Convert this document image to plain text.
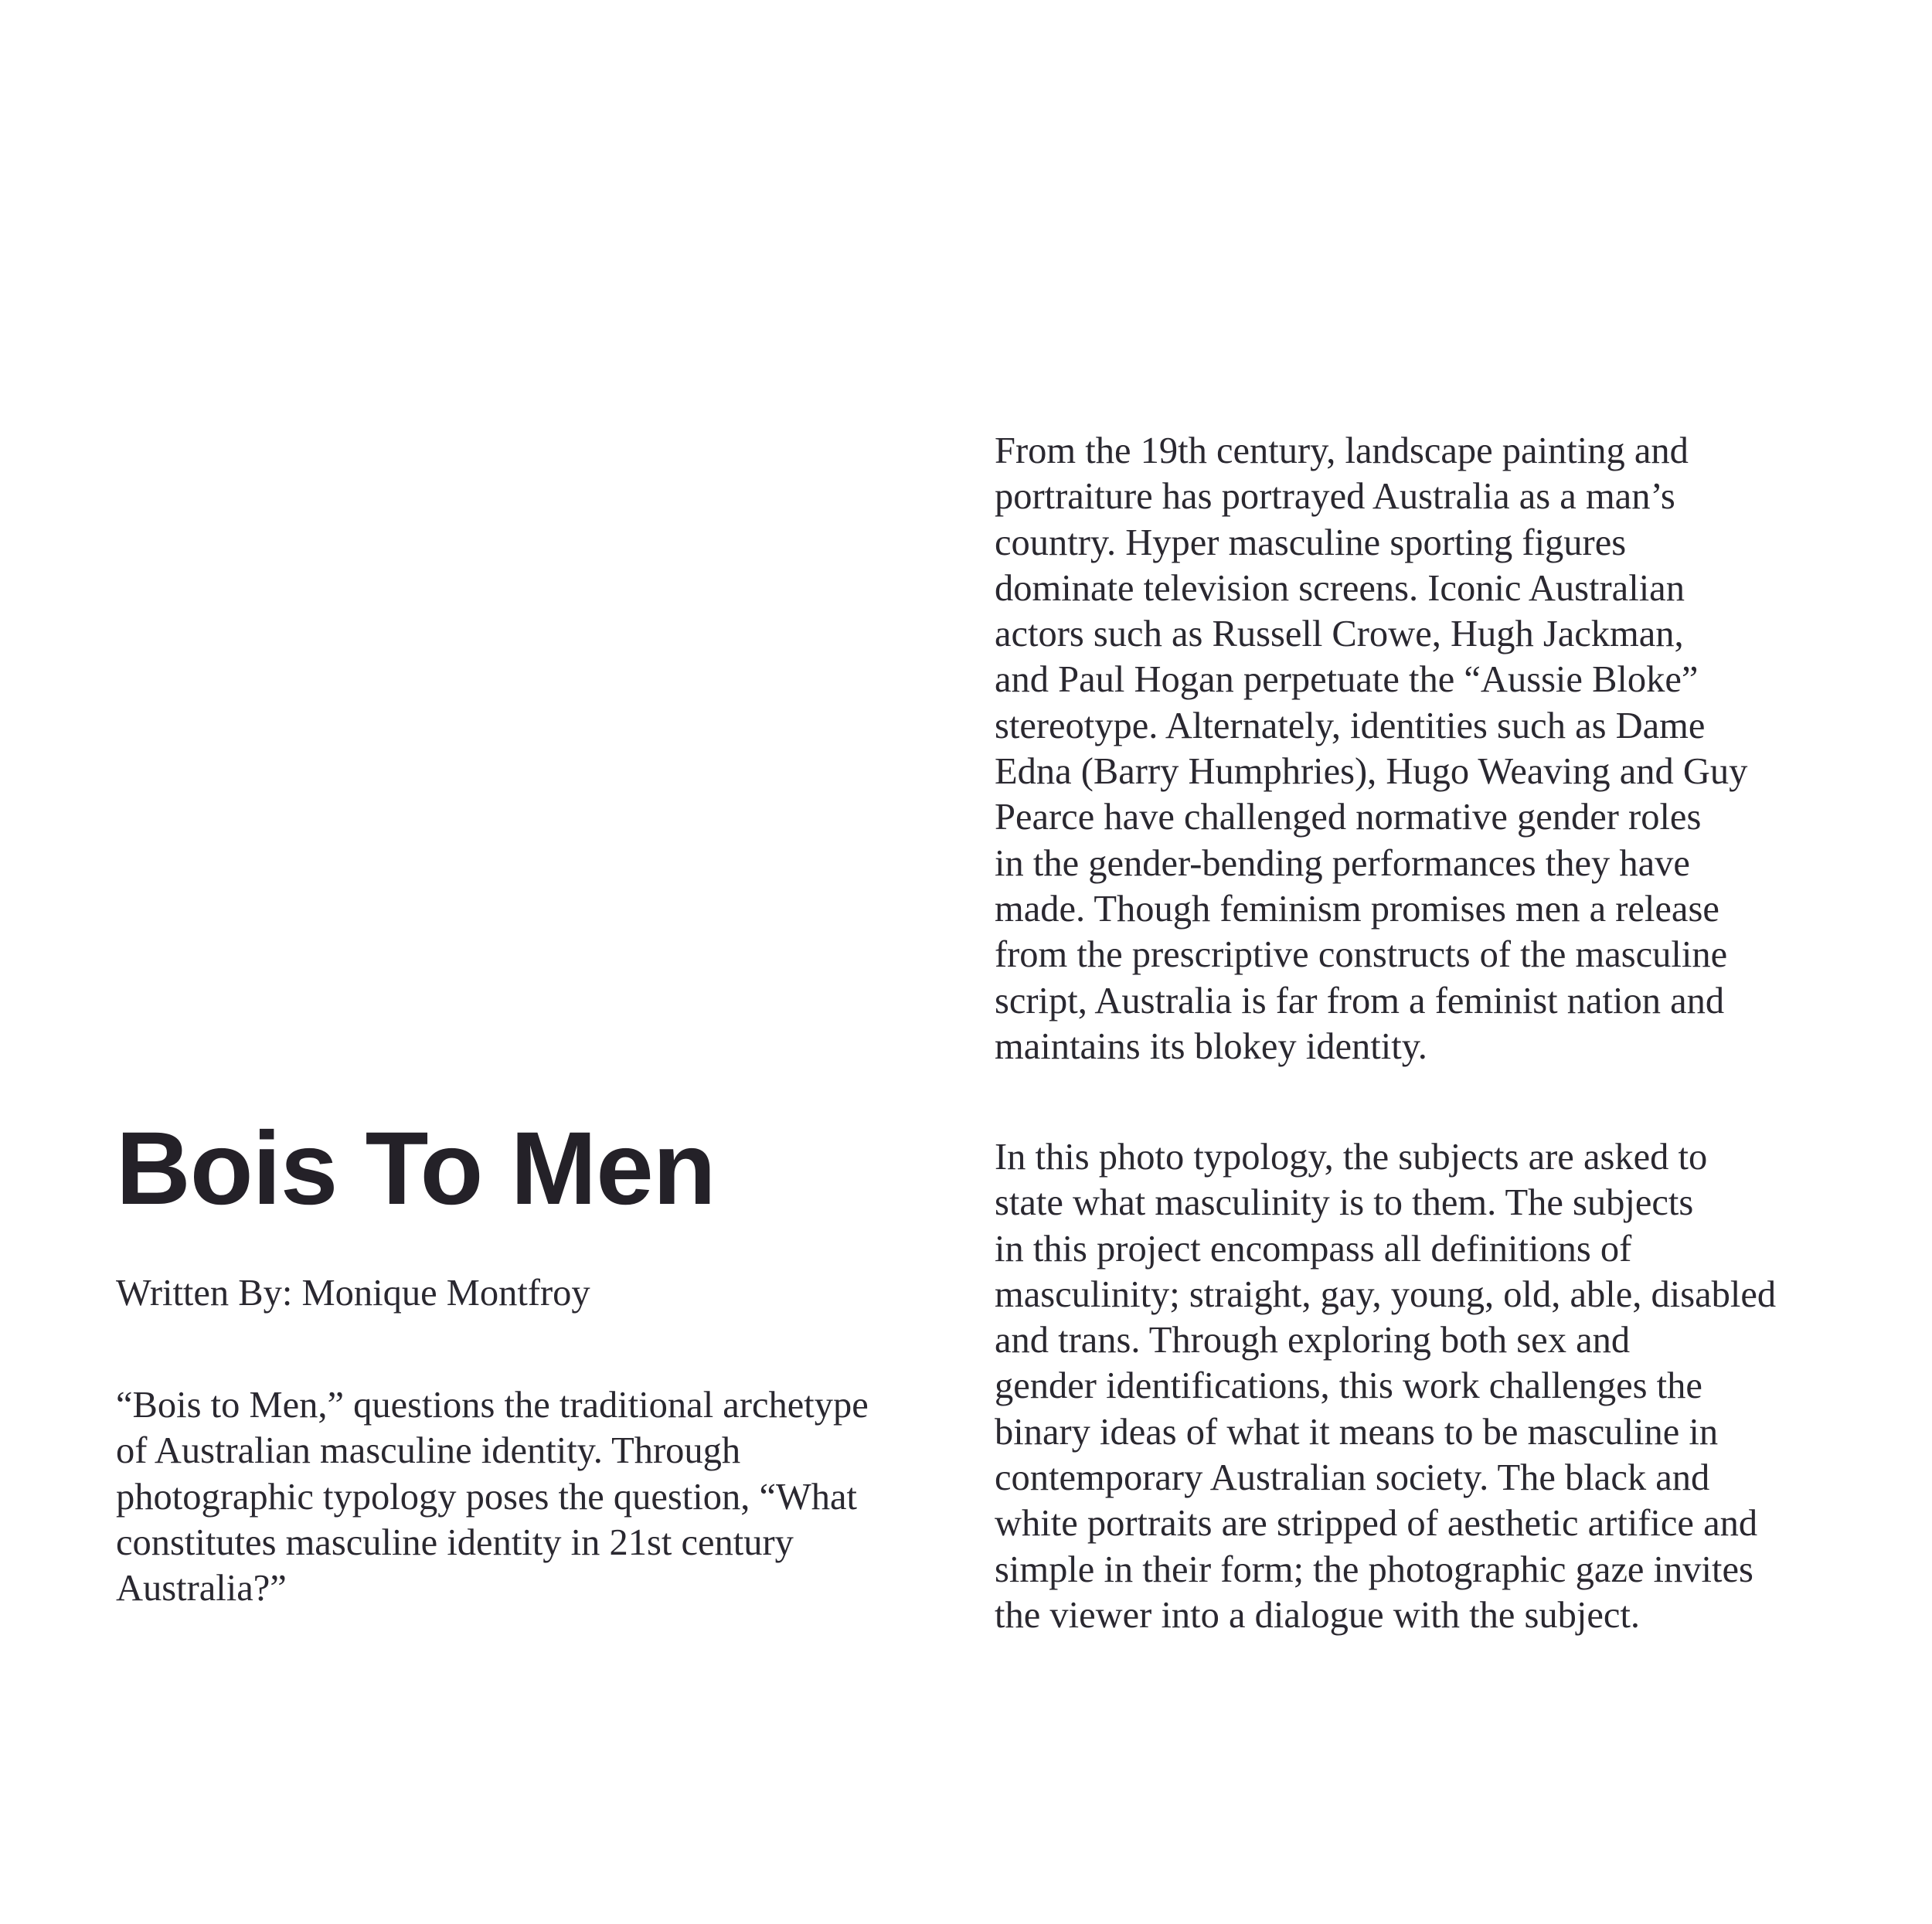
Bois To Men

Written By: Monique Montfroy

“Bois to Men,” questions the traditional archetype
of Australian masculine identity. Through
photographic typology poses the question, “What
constitutes masculine identity in 21st century
Australia?”

From the 19th century, landscape painting and
portraiture has portrayed Australia as a man’s
country. Hyper masculine sporting figures
dominate television screens. Iconic Australian
actors such as Russell Crowe, Hugh Jackman,
and Paul Hogan perpetuate the “Aussie Bloke”
stereotype. Alternately, identities such as Dame
Edna (Barry Humphries), Hugo Weaving and Guy
Pearce have challenged normative gender roles
in the gender-bending performances they have
made. Though feminism promises men a release
from the prescriptive constructs of the masculine
script, Australia is far from a feminist nation and
maintains its blokey identity.

In this photo typology, the subjects are asked to
state what masculinity is to them. The subjects
in this project encompass all definitions of
masculinity; straight, gay, young, old, able, disabled
and trans. Through exploring both sex and
gender identifications, this work challenges the
binary ideas of what it means to be masculine in
contemporary Australian society. The black and
white portraits are stripped of aesthetic artifice and
simple in their form; the photographic gaze invites
the viewer into a dialogue with the subject.
